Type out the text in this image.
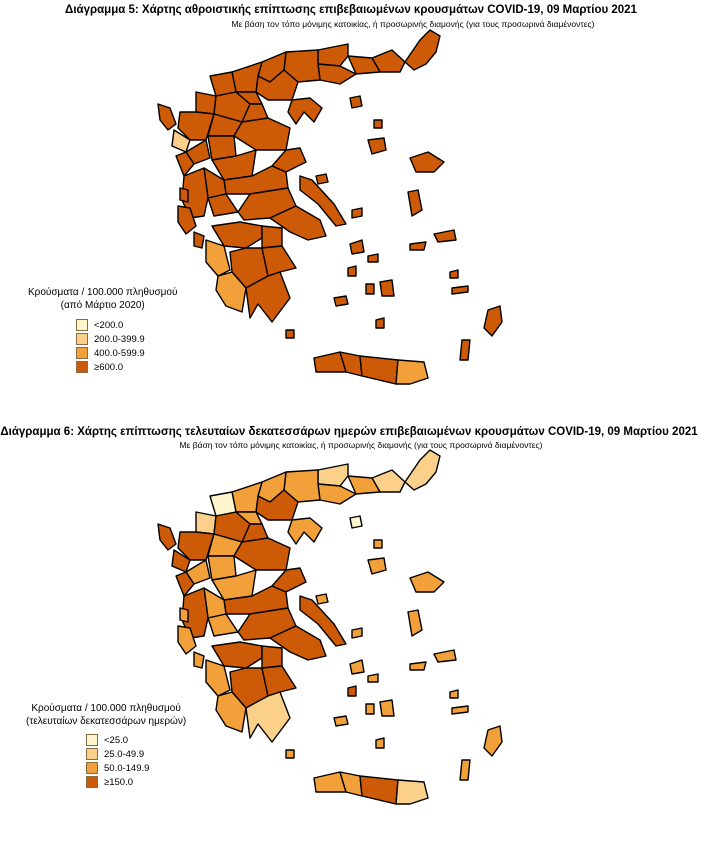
Διάγραμμα 5: Χάρτης αθροιστικής επίπτωσης επιβεβαιωμένων κρουσμάτων COVID-19, 09 Μαρτίου 2021
Με βάση τον τόπο μόνιμης κατοικίας, ή προσωρινής διαμονής (για τους προσωρινά διαμένοντες)
Κρούσματα / 100.000 πληθυσμού
(από Μάρτιο 2020)
<200.0
200.0-399.9
400.0-599.9
≥600.0
Διάγραμμα 6: Χάρτης επίπτωσης τελευταίων δεκατεσσάρων ημερών επιβεβαιωμένων κρουσμάτων COVID-19, 09 Μαρτίου 2021
Με βάση τον τόπο μόνιμης κατοικίας, ή προσωρινής διαμονής (για τους προσωρινά διαμένοντες)
Κρούσματα / 100.000 πληθυσμού
(τελευταίων δεκατεσσάρων ημερών)
<25.0
25.0-49.9
50.0-149.9
≥150.0
